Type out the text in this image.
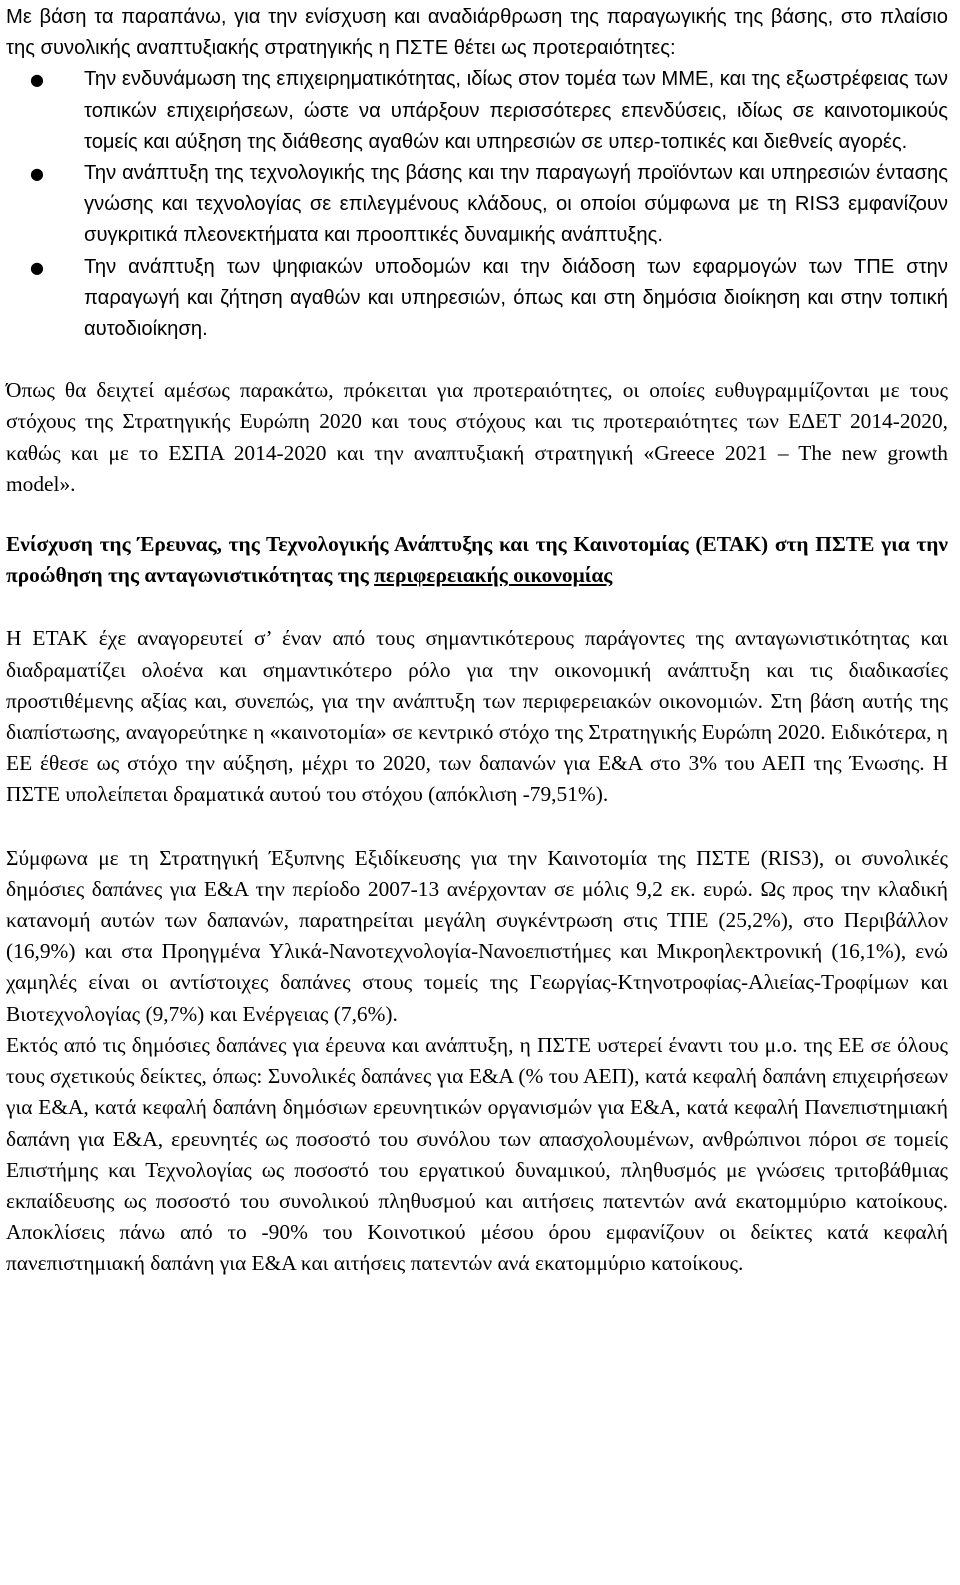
Με βάση τα παραπάνω, για την ενίσχυση και αναδιάρθρωση της παραγωγικής της βάσης, στο πλαίσιο της συνολικής αναπτυξιακής στρατηγικής η ΠΣΤΕ θέτει ως προτεραιότητες:

● Την ενδυνάμωση της επιχειρηματικότητας, ιδίως στον τομέα των ΜΜΕ, και της εξωστρέφειας των τοπικών επιχειρήσεων, ώστε να υπάρξουν περισσότερες επενδύσεις, ιδίως σε καινοτομικούς τομείς και αύξηση της διάθεσης αγαθών και υπηρεσιών σε υπερ-τοπικές και διεθνείς αγορές.
● Την ανάπτυξη της τεχνολογικής της βάσης και την παραγωγή προϊόντων και υπηρεσιών έντασης γνώσης και τεχνολογίας σε επιλεγμένους κλάδους, οι οποίοι σύμφωνα με τη RIS3 εμφανίζουν συγκριτικά πλεονεκτήματα και προοπτικές δυναμικής ανάπτυξης.
● Την ανάπτυξη των ψηφιακών υποδομών και την διάδοση των εφαρμογών των ΤΠΕ στην παραγωγή και ζήτηση αγαθών και υπηρεσιών, όπως και στη δημόσια διοίκηση και στην τοπική αυτοδιοίκηση.

Όπως θα δειχτεί αμέσως παρακάτω, πρόκειται για προτεραιότητες, οι οποίες ευθυγραμμίζονται με τους στόχους της Στρατηγικής Ευρώπη 2020 και τους στόχους και τις προτεραιότητες των ΕΔΕΤ 2014-2020, καθώς και με το ΕΣΠΑ 2014-2020 και την αναπτυξιακή στρατηγική «Greece 2021 – The new growth model».

Ενίσχυση της Έρευνας, της Τεχνολογικής Ανάπτυξης και της Καινοτομίας (ΕΤΑΚ) στη ΠΣΤΕ για την προώθηση της ανταγωνιστικότητας της περιφερειακής οικονομίας

Η ΕΤΑΚ έχε αναγορευτεί σ’ έναν από τους σημαντικότερους παράγοντες της ανταγωνιστικότητας και διαδραματίζει ολοένα και σημαντικότερο ρόλο για την οικονομική ανάπτυξη και τις διαδικασίες προστιθέμενης αξίας και, συνεπώς, για την ανάπτυξη των περιφερειακών οικονομιών. Στη βάση αυτής της διαπίστωσης, αναγορεύτηκε η «καινοτομία» σε κεντρικό στόχο της Στρατηγικής Ευρώπη 2020. Ειδικότερα, η ΕΕ έθεσε ως στόχο την αύξηση, μέχρι το 2020, των δαπανών για Ε&Α στο 3% του ΑΕΠ της Ένωσης. Η ΠΣΤΕ υπολείπεται δραματικά αυτού του στόχου (απόκλιση -79,51%).

Σύμφωνα με τη Στρατηγική Έξυπνης Εξιδίκευσης για την Καινοτομία της ΠΣΤΕ (RIS3), οι συνολικές δημόσιες δαπάνες για Ε&Α την περίοδο 2007-13 ανέρχονταν σε μόλις 9,2 εκ. ευρώ. Ως προς την κλαδική κατανομή αυτών των δαπανών, παρατηρείται μεγάλη συγκέντρωση στις ΤΠΕ (25,2%), στο Περιβάλλον (16,9%) και στα Προηγμένα Υλικά-Νανοτεχνολογία-Νανοεπιστήμες και Μικροηλεκτρονική (16,1%), ενώ χαμηλές είναι οι αντίστοιχες δαπάνες στους τομείς της Γεωργίας-Κτηνοτροφίας-Αλιείας-Τροφίμων και Βιοτεχνολογίας (9,7%) και Ενέργειας (7,6%).

Εκτός από τις δημόσιες δαπάνες για έρευνα και ανάπτυξη, η ΠΣΤΕ υστερεί έναντι του μ.ο. της ΕΕ σε όλους τους σχετικούς δείκτες, όπως: Συνολικές δαπάνες για Ε&Α (% του ΑΕΠ), κατά κεφαλή δαπάνη επιχειρήσεων για Ε&Α, κατά κεφαλή δαπάνη δημόσιων ερευνητικών οργανισμών για Ε&Α, κατά κεφαλή Πανεπιστημιακή δαπάνη για Ε&Α, ερευνητές ως ποσοστό του συνόλου των απασχολουμένων, ανθρώπινοι πόροι σε τομείς Επιστήμης και Τεχνολογίας ως ποσοστό του εργατικού δυναμικού, πληθυσμός με γνώσεις τριτοβάθμιας εκπαίδευσης ως ποσοστό του συνολικού πληθυσμού και αιτήσεις πατεντών ανά εκατομμύριο κατοίκους. Αποκλίσεις πάνω από το -90% του Κοινοτικού μέσου όρου εμφανίζουν οι δείκτες κατά κεφαλή πανεπιστημιακή δαπάνη για Ε&Α και αιτήσεις πατεντών ανά εκατομμύριο κατοίκους.
